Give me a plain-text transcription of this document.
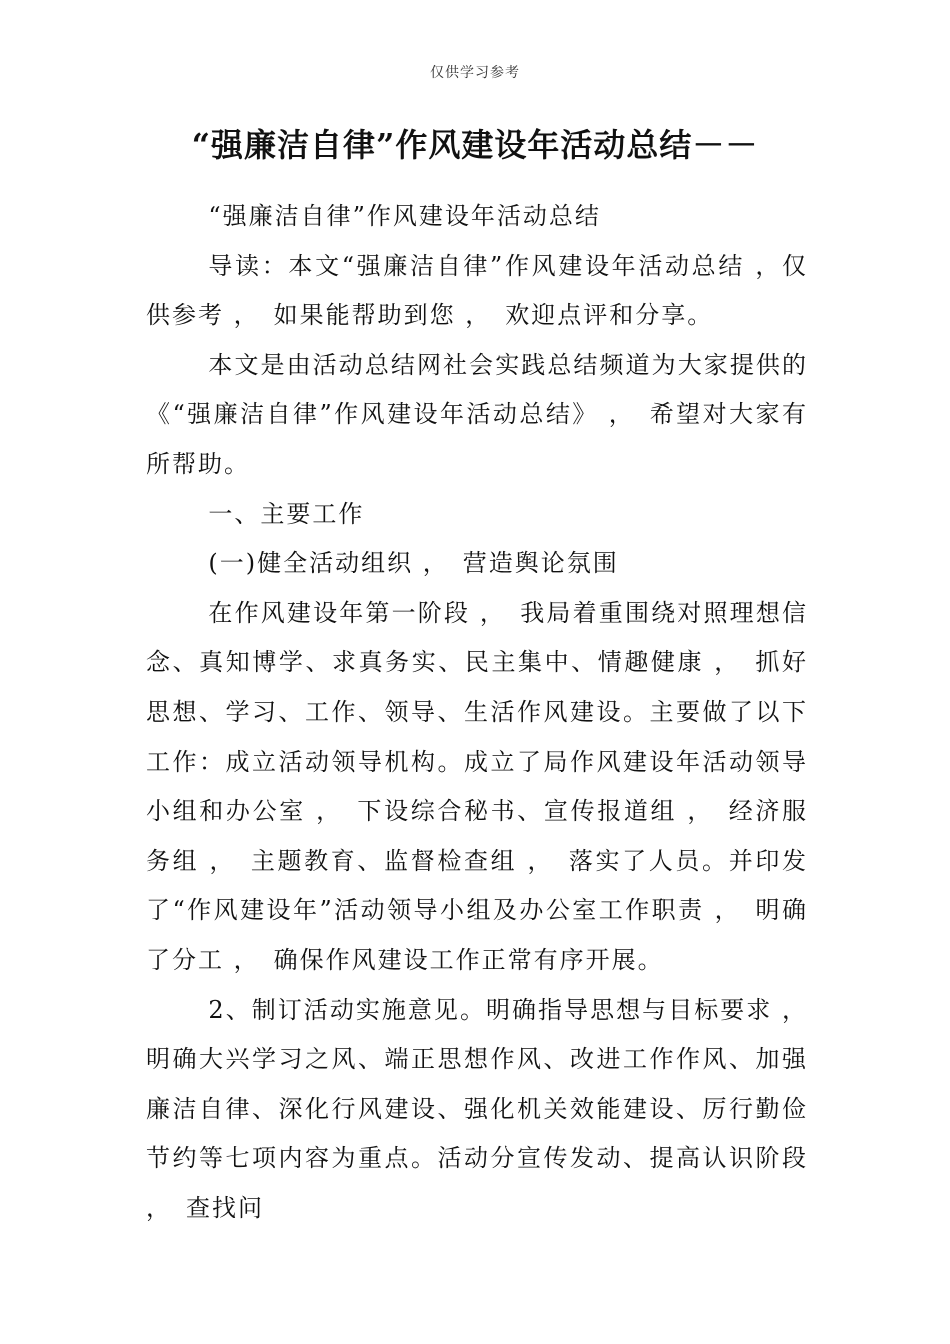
仅供学习参考
“强廉洁自律”作风建设年活动总结－－

“强廉洁自律”作风建设年活动总结

导读：本文“强廉洁自律”作风建设年活动总结 ，仅供参考 ，　如果能帮助到您 ，　欢迎点评和分享。

本文是由活动总结网社会实践总结频道为大家提供的《“强廉洁自律”作风建设年活动总结》 ，　希望对大家有所帮助。

一、主要工作

(一)健全活动组织 ，　营造舆论氛围

在作风建设年第一阶段 ，　我局着重围绕对照理想信念、真知博学、求真务实、民主集中、情趣健康 ，　抓好思想、学习、工作、领导、生活作风建设。主要做了以下工作：成立活动领导机构。成立了局作风建设年活动领导小组和办公室 ，　下设综合秘书、宣传报道组 ，　经济服务组 ，　主题教育、监督检查组 ，　落实了人员。并印发了“作风建设年”活动领导小组及办公室工作职责 ，　明确了分工 ，　确保作风建设工作正常有序开展。

2、制订活动实施意见。明确指导思想与目标要求 ，明确大兴学习之风、端正思想作风、改进工作作风、加强廉洁自律、深化行风建设、强化机关效能建设、厉行勤俭节约等七项内容为重点。活动分宣传发动、提高认识阶段 ，　查找问
